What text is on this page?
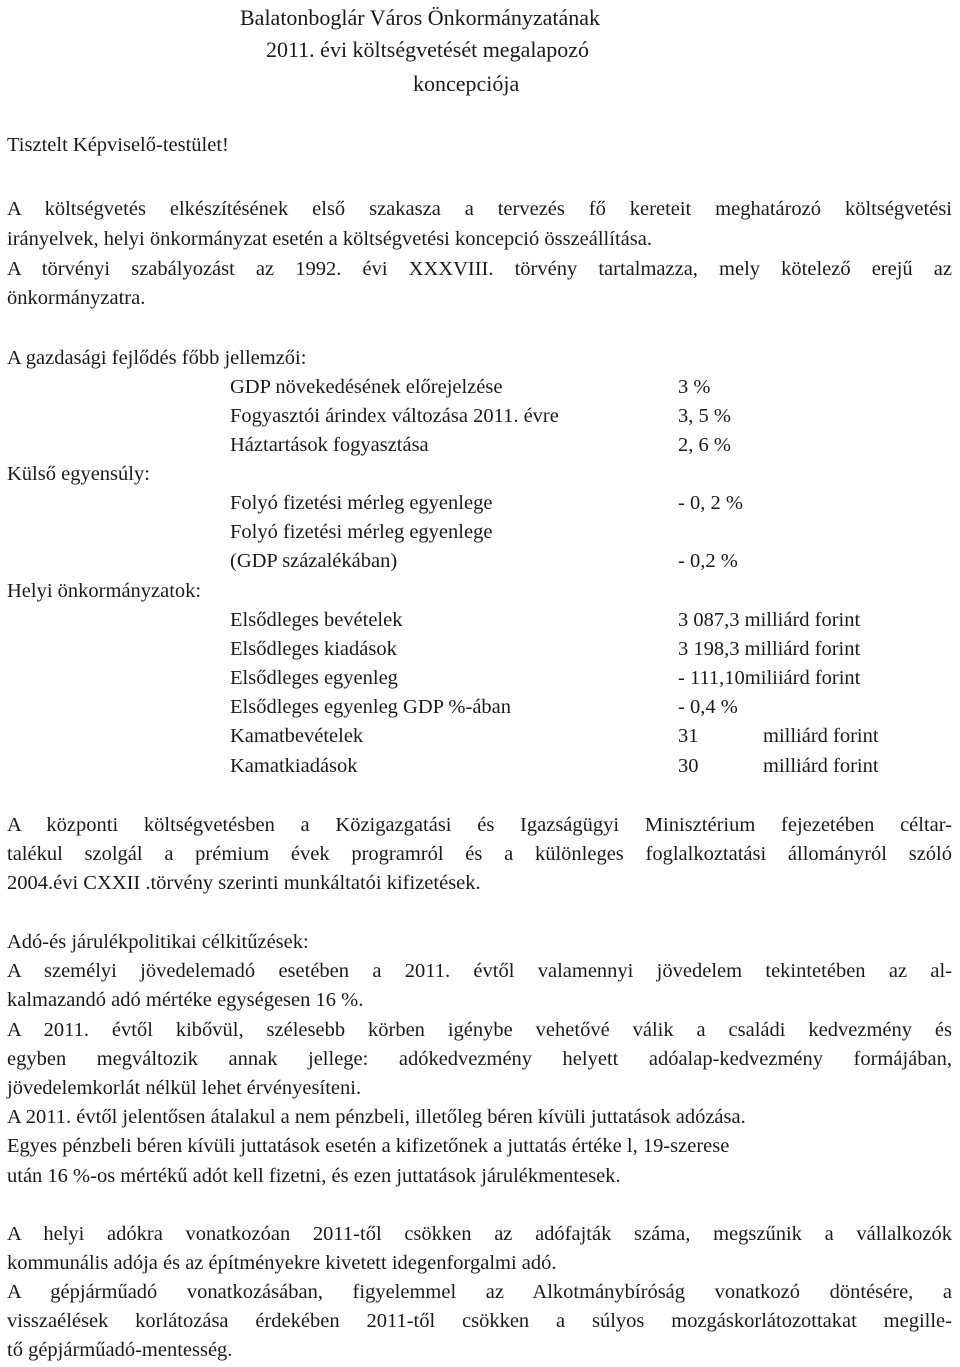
Balatonboglár Város Önkormányzatának
2011. évi költségvetését megalapozó
koncepciója
Tisztelt Képviselő-testület!
A költségvetés elkészítésének első szakasza a tervezés fő kereteit meghatározó költségvetési
irányelvek, helyi önkormányzat esetén a költségvetési koncepció összeállítása.
A törvényi szabályozást az 1992. évi XXXVIII. törvény tartalmazza, mely kötelező erejű az
önkormányzatra.
A gazdasági fejlődés főbb jellemzői:
GDP növekedésének előrejelzése	3 %
Fogyasztói árindex változása 2011. évre	3, 5 %
Háztartások fogyasztása	2, 6 %
Külső egyensúly:
Folyó fizetési mérleg egyenlege	- 0, 2 %
Folyó fizetési mérleg egyenlege
(GDP százalékában)	- 0,2 %
Helyi önkormányzatok:
Elsődleges bevételek	3 087,3 milliárd forint
Elsődleges kiadások	3 198,3 milliárd forint
Elsődleges egyenleg	- 111,10miliiárd forint
Elsődleges egyenleg GDP %-ában	- 0,4 %
Kamatbevételek	31	milliárd forint
Kamatkiadások	30	milliárd forint
A központi költségvetésben a Közigazgatási és Igazságügyi Minisztérium fejezetében céltar-
talékul szolgál a prémium évek programról és a különleges foglalkoztatási állományról szóló
2004.évi CXXII .törvény szerinti munkáltatói kifizetések.
Adó-és járulékpolitikai célkitűzések:
A személyi jövedelemadó esetében a 2011. évtől valamennyi jövedelem tekintetében az al-
kalmazandó adó mértéke egységesen 16 %.
A 2011. évtől kibővül, szélesebb körben igénybe vehetővé válik a családi kedvezmény és
egyben megváltozik annak jellege: adókedvezmény helyett adóalap-kedvezmény formájában,
jövedelemkorlát nélkül lehet érvényesíteni.
A 2011. évtől jelentősen átalakul a nem pénzbeli, illetőleg béren kívüli juttatások adózása.
Egyes pénzbeli béren kívüli juttatások esetén a kifizetőnek a juttatás értéke l, 19-szerese
után 16 %-os mértékű adót kell fizetni, és ezen juttatások járulékmentesek.
A helyi adókra vonatkozóan 2011-től csökken az adófajták száma, megszűnik a vállalkozók
kommunális adója és az építményekre kivetett idegenforgalmi adó.
A gépjárműadó vonatkozásában, figyelemmel az Alkotmánybíróság vonatkozó döntésére, a
visszaélések korlátozása érdekében 2011-től csökken a súlyos mozgáskorlátozottakat megille-
tő gépjárműadó-mentesség.
